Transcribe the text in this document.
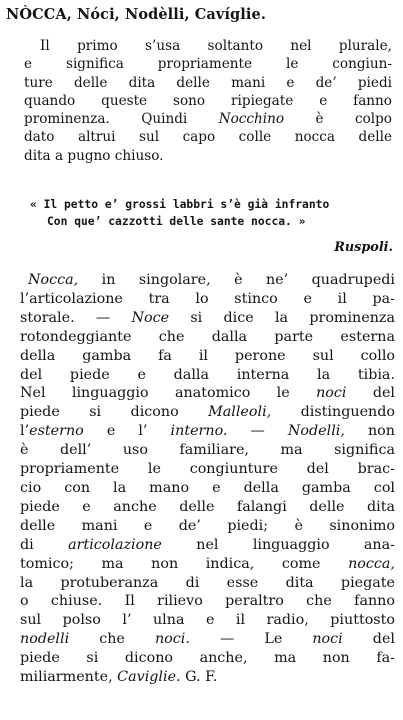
NÒCCA, Nóci, Nodèlli, Cavíglie.
Il primo s’usa soltanto nel plurale,
e significa propriamente le congiun-
ture delle dita delle mani e de’ piedi
quando queste sono ripiegate e fanno
prominenza. Quindi Nocchino è colpo
dato altrui sul capo colle nocca delle
dita a pugno chiuso.
« Il petto e’ grossi labbri s’è già infranto
Con que’ cazzotti delle sante nocca. »
Ruspoli.
Nocca, in singolare, è ne’ quadrupedi
l’articolazione tra lo stinco e il pa-
storale. — Noce si dice la prominenza
rotondeggiante che dalla parte esterna
della gamba fa il perone sul collo
del piede e dalla interna la tibia.
Nel linguaggio anatomico le noci del
piede si dicono Malleoli, distinguendo
l’esterno e l’ interno. — Nodelli, non
è dell’ uso familiare, ma significa
propriamente le congiunture del brac-
cio con la mano e della gamba col
piede e anche delle falangi delle dita
delle mani e de’ piedi; è sinonimo
di articolazione nel linguaggio ana-
tomico; ma non indica, come nocca,
la protuberanza di esse dita piegate
o chiuse. Il rilievo peraltro che fanno
sul polso l’ ulna e il radio, piuttosto
nodelli che noci. — Le noci del
piede si dicono anche, ma non fa-
miliarmente, Caviglie. G. F.
